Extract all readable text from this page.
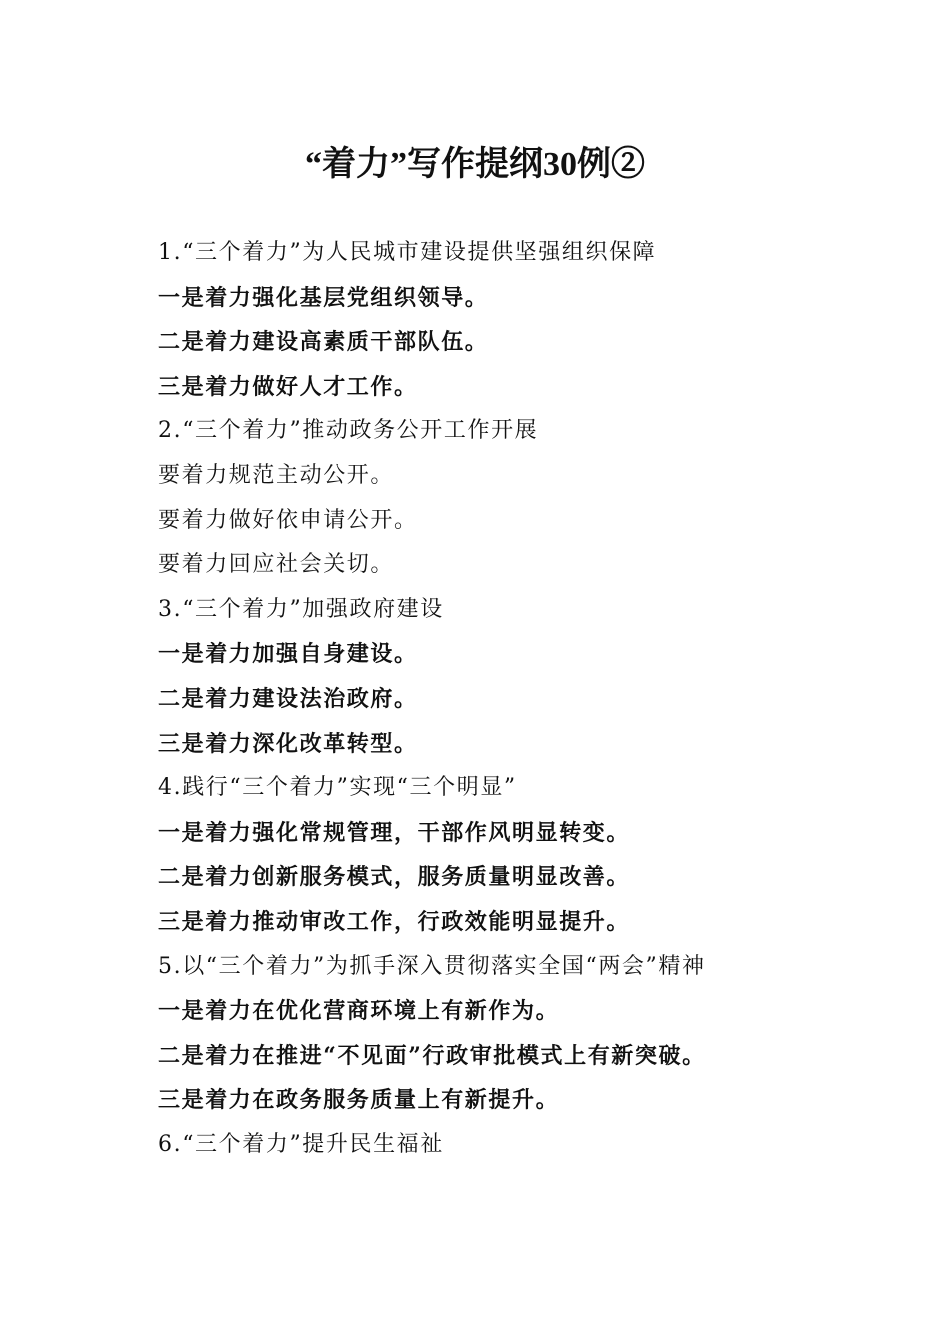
“着力”写作提纲30例②
1.“三个着力”为人民城市建设提供坚强组织保障
一是着力强化基层党组织领导。
二是着力建设高素质干部队伍。
三是着力做好人才工作。
2.“三个着力”推动政务公开工作开展
要着力规范主动公开。
要着力做好依申请公开。
要着力回应社会关切。
3.“三个着力”加强政府建设
一是着力加强自身建设。
二是着力建设法治政府。
三是着力深化改革转型。
4.践行“三个着力”实现“三个明显”
一是着力强化常规管理，干部作风明显转变。
二是着力创新服务模式，服务质量明显改善。
三是着力推动审改工作，行政效能明显提升。
5.以“三个着力”为抓手深入贯彻落实全国“两会”精神
一是着力在优化营商环境上有新作为。
二是着力在推进“不见面”行政审批模式上有新突破。
三是着力在政务服务质量上有新提升。
6.“三个着力”提升民生福祉
